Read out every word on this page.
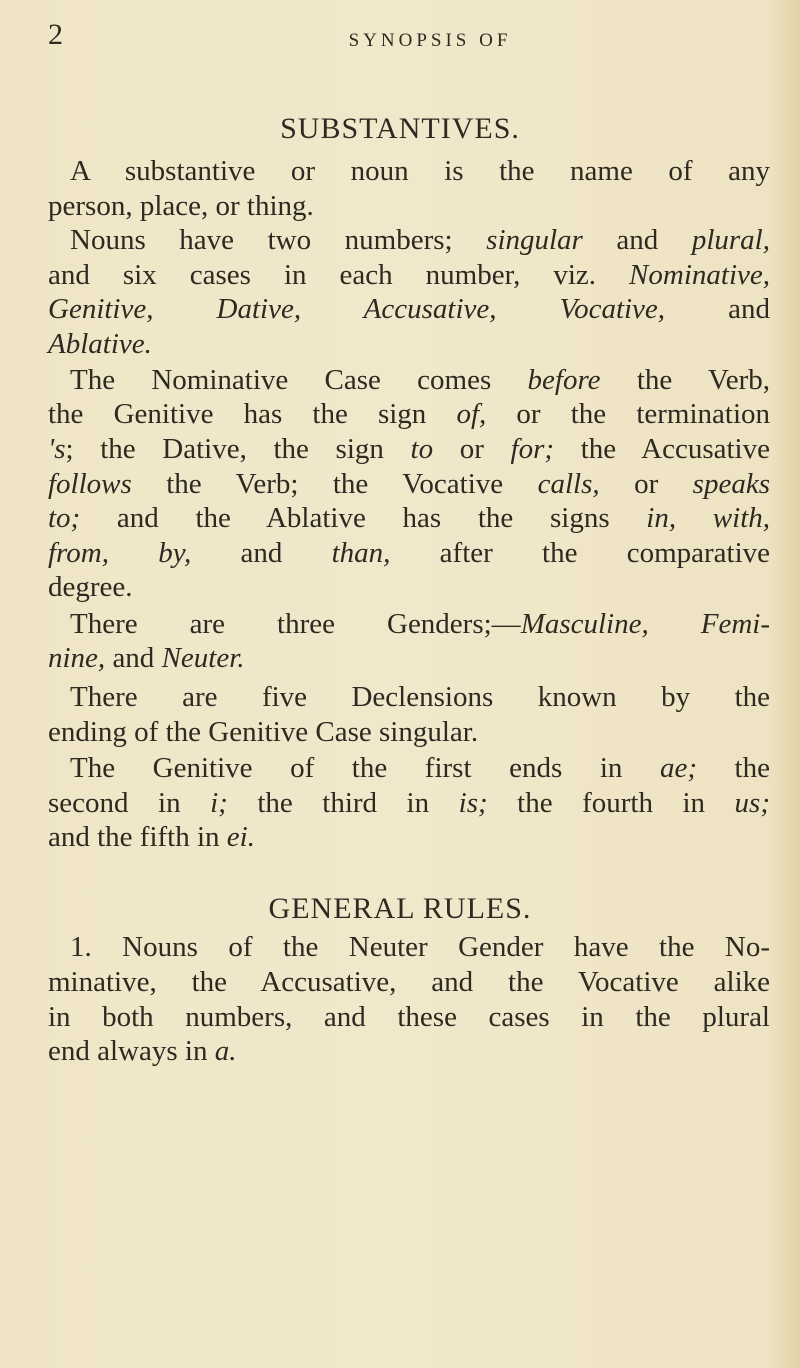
2	SYNOPSIS OF
SUBSTANTIVES.
GENERAL RULES.
A substantive or noun is the name of any
person, place, or thing.
Nouns have two numbers; singular and plural,
and six cases in each number, viz. Nominative,
Genitive, Dative, Accusative, Vocative, and
Ablative.
The Nominative Case comes before the Verb,
the Genitive has the sign of, or the termination
's; the Dative, the sign to or for; the Accusative
follows the Verb; the Vocative calls, or speaks
to; and the Ablative has the signs in, with,
from, by, and than, after the comparative
degree.
There are three Genders;—Masculine, Femi-
nine, and Neuter.
There are five Declensions known by the
ending of the Genitive Case singular.
The Genitive of the first ends in ae; the
second in i; the third in is; the fourth in us;
and the fifth in ei.
1. Nouns of the Neuter Gender have the No-
minative, the Accusative, and the Vocative alike
in both numbers, and these cases in the plural
end always in a.
